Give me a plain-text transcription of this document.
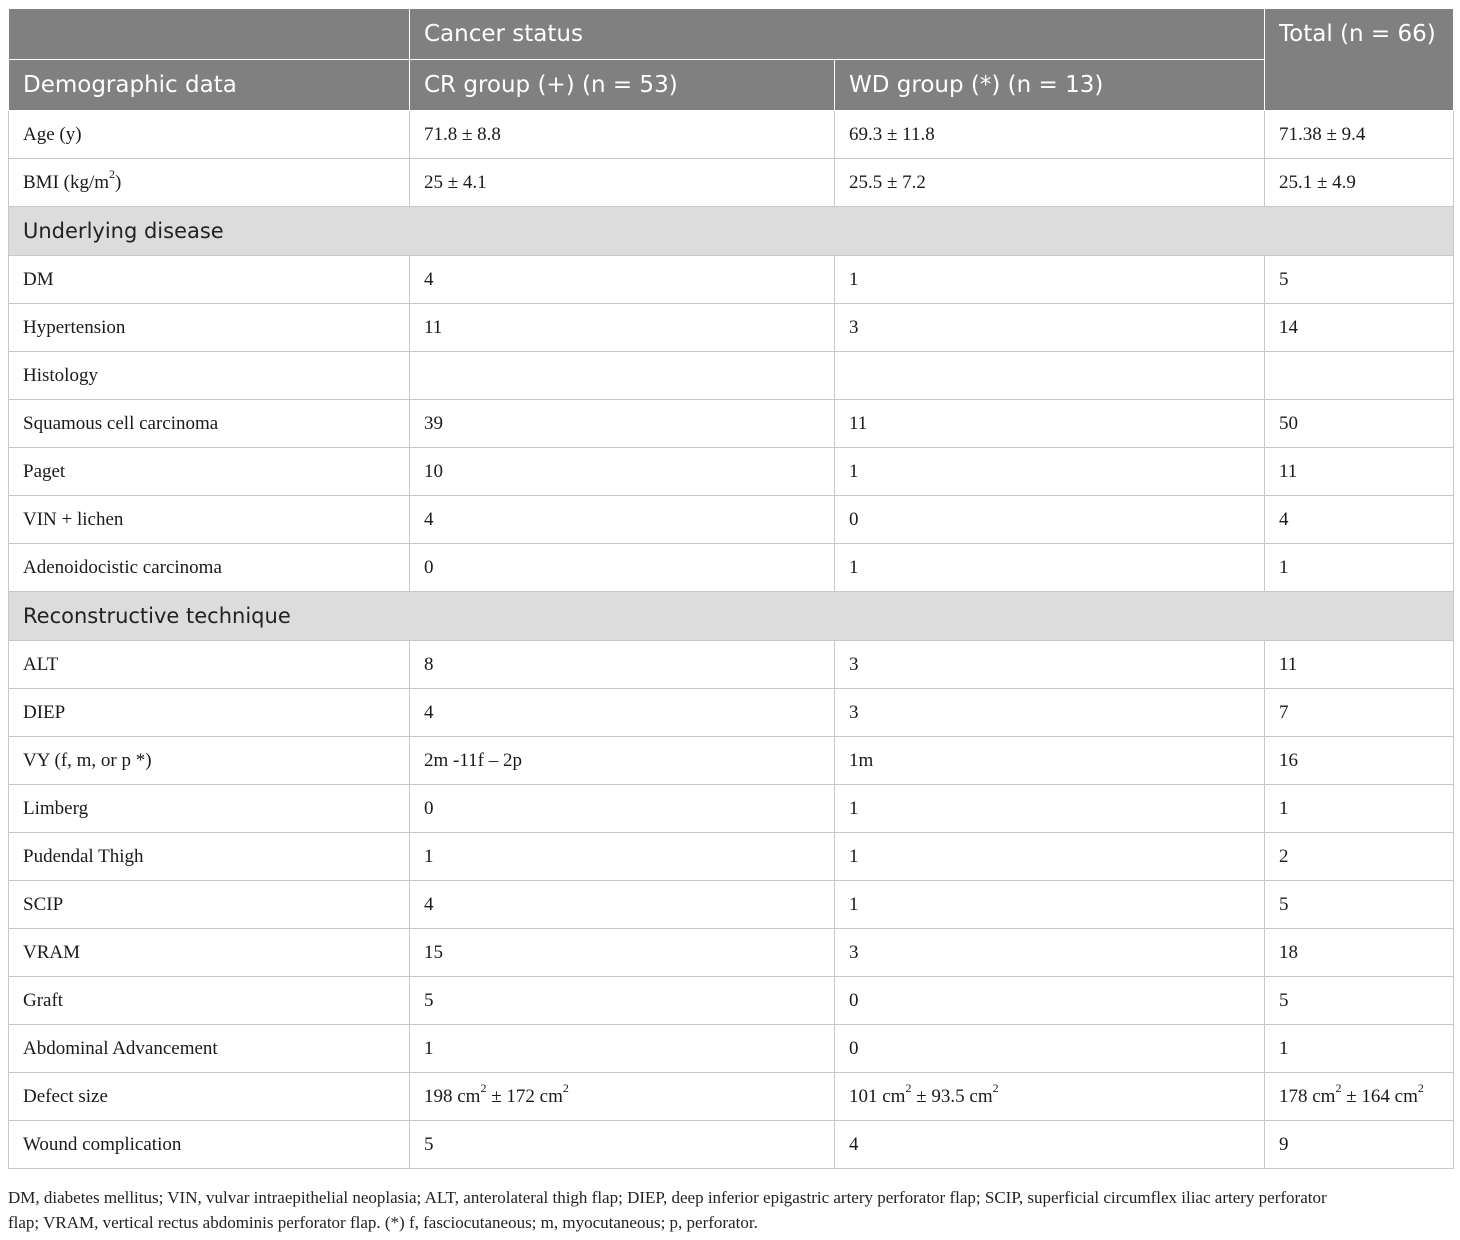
	Cancer status		Total (n = 66)
Demographic data	CR group (+) (n = 53)	WD group (*) (n = 13)	
Age (y)	71.8 ± 8.8	69.3 ± 11.8	71.38 ± 9.4
BMI $(kg/m^2)$	25 ± 4.1	25.5 ± 7.2	25.1 ± 4.9
Underlying disease			
DM	4	1	5
Hypertension	11	3	14
Histology			
Squamous cell carcinoma	39	11	50
Paget	10	1	11
VIN + lichen	4	0	4
Adenoidocistic carcinoma	0	1	1
Reconstructive technique			
ALT	8	3	11
DIEP	4	3	7
VY (f, m, or p *)	2m -11f – 2p	1m	16
Limberg	0	1	1
Pudendal Thigh	1	1	2
SCIP	4	1	5
VRAM	15	3	18
Graft	5	0	5
Abdominal Advancement	1	0	1
Defect size	198 $cm^2 \pm 172$ $cm^2$	101 $cm^2 \pm 93.5$ $cm^2$	178 $cm^2 \pm 164$ $cm^2$
Wound complication	5	4	9
DM, diabetes mellitus; VIN, vulvar intraepithelial neoplasia; ALT, anterolateral thigh flap; DIEP, deep inferior epigastric artery perforator flap; SCIP, superficial circumflex iliac artery perforator
flap; VRAM, vertical rectus abdominis perforator flap. (*) f, fasciocutaneous; m, myocutaneous; p, perforator.
